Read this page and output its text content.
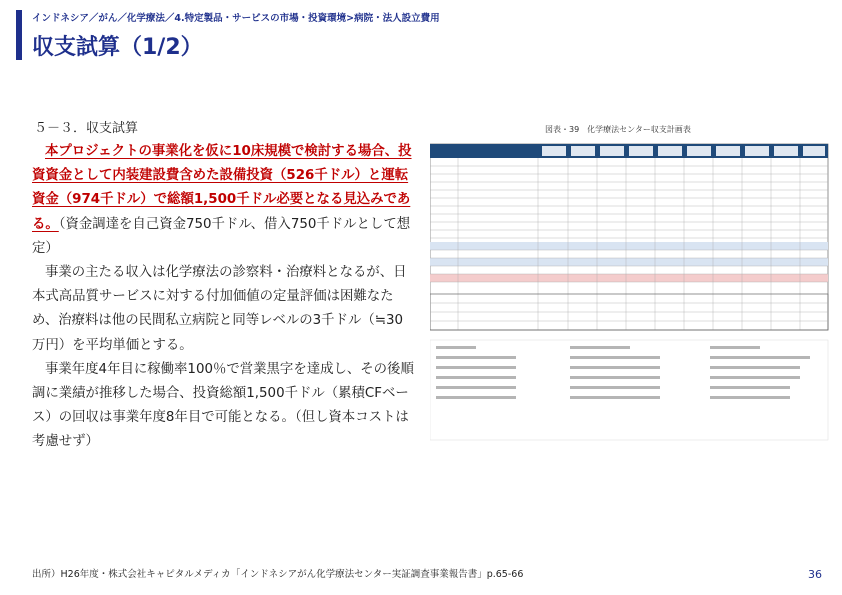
インドネシア／がん／化学療法／4.特定製品・サービスの市場・投資環境>病院・法人設立費用
収支試算（1/2）
５－３．収支試算

本プロジェクトの事業化を仮に10床規模で検討する場合、投資資金として内装建設費含めた設備投資（526千ドル）と運転資金（974千ドル）で総額1,500千ドル必要となる見込みである。（資金調達を自己資金750千ドル、借入750千ドルとして想定）

事業の主たる収入は化学療法の診察料・治療料となるが、日本式高品質サービスに対する付加価値の定量評価は困難なため、治療料は他の民間私立病院と同等レベルの3千ドル（≒30万円）を平均単価とする。

事業年度4年目に稼働率100％で営業黒字を達成し、その後順調に業績が推移した場合、投資総額1,500千ドル（累積CFベース）の回収は事業年度8年目で可能となる。（但し資本コストは考慮せず）

図表・39　化学療法センター収支計画表
出所）H26年度・株式会社キャピタルメディカ「インドネシアがん化学療法センター実証調査事業報告書」p.65-66	36
